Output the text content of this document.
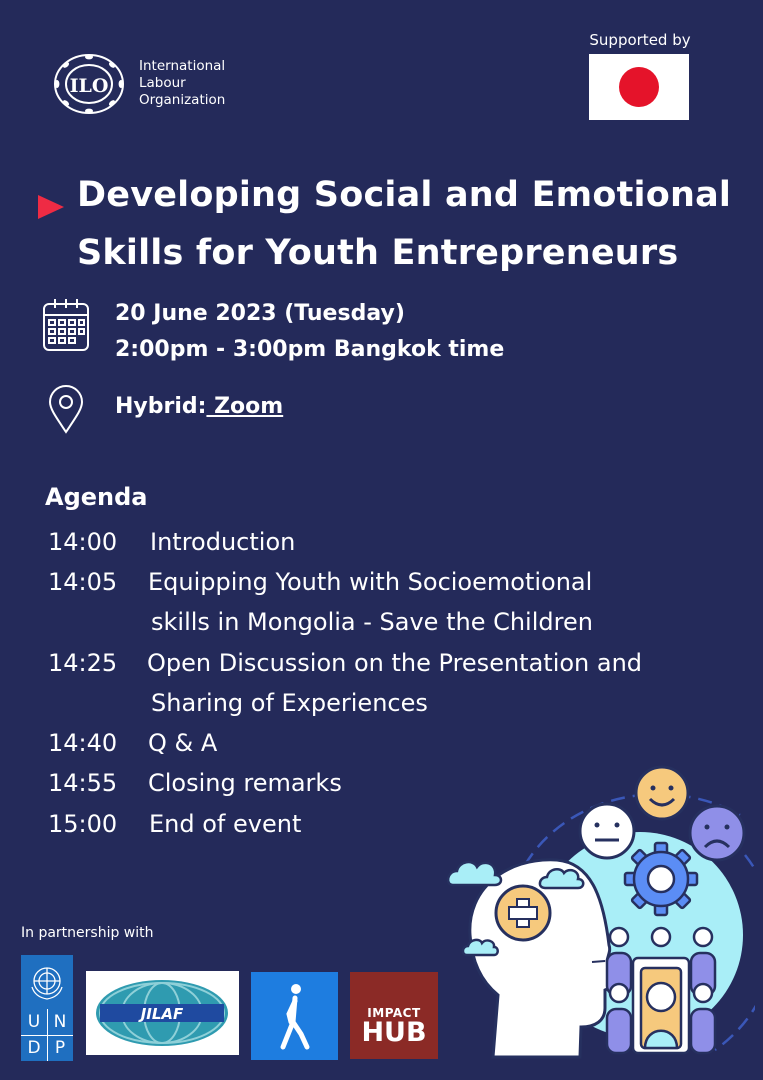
ILO
International
Labour
Organization
Supported by
Developing Social and Emotional
Skills for Youth Entrepreneurs
20 June 2023 (Tuesday)
2:00pm - 3:00pm Bangkok time
Hybrid: Zoom
Agenda
14:00 Introduction
14:05 Equipping Youth with Socioemotional
skills in Mongolia - Save the Children
14:25 Open Discussion on the Presentation and
Sharing of Experiences
14:40 Q & A
14:55 Closing remarks
15:00 End of event
In partnership with
U N
D P
JILAF	IMPACT
HUB
